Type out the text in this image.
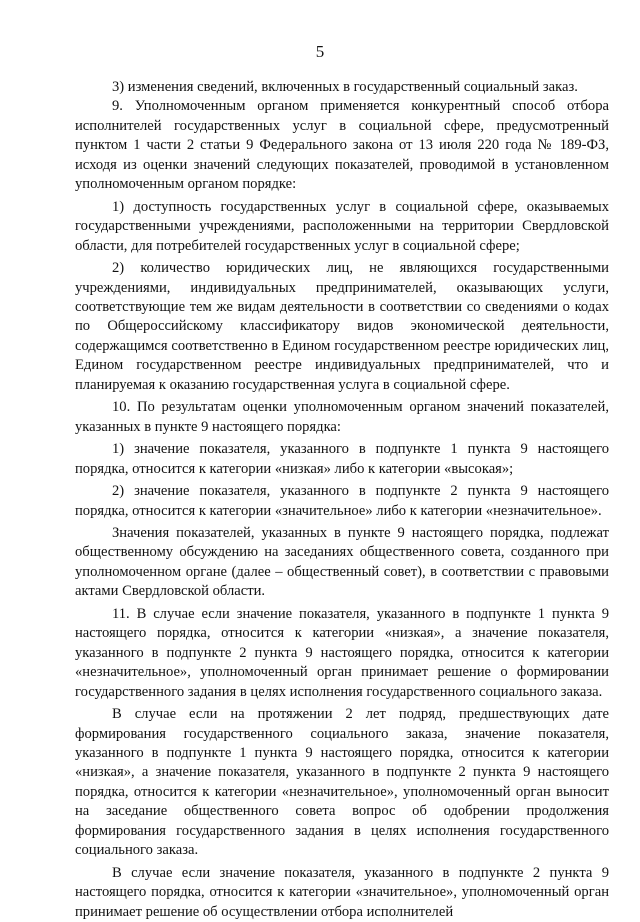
5

3) изменения сведений, включенных в государственный социальный заказ.

9. Уполномоченным органом применяется конкурентный способ отбора исполнителей государственных услуг в социальной сфере, предусмотренный пунктом 1 части 2 статьи 9 Федерального закона от 13 июля 220 года № 189-ФЗ, исходя из оценки значений следующих показателей, проводимой в установленном уполномоченным органом порядке:

1) доступность государственных услуг в социальной сфере, оказываемых государственными учреждениями, расположенными на территории Свердловской области, для потребителей государственных услуг в социальной сфере;

2) количество юридических лиц, не являющихся государственными учреждениями, индивидуальных предпринимателей, оказывающих услуги, соответствующие тем же видам деятельности в соответствии со сведениями о кодах по Общероссийскому классификатору видов экономической деятельности, содержащимся соответственно в Едином государственном реестре юридических лиц, Едином государственном реестре индивидуальных предпринимателей, что и планируемая к оказанию государственная услуга в социальной сфере.

10. По результатам оценки уполномоченным органом значений показателей, указанных в пункте 9 настоящего порядка:

1) значение показателя, указанного в подпункте 1 пункта 9 настоящего порядка, относится к категории «низкая» либо к категории «высокая»;

2) значение показателя, указанного в подпункте 2 пункта 9 настоящего порядка, относится к категории «значительное» либо к категории «незначительное».

Значения показателей, указанных в пункте 9 настоящего порядка, подлежат общественному обсуждению на заседаниях общественного совета, созданного при уполномоченном органе (далее – общественный совет), в соответствии с правовыми актами Свердловской области.

11. В случае если значение показателя, указанного в подпункте 1 пункта 9 настоящего порядка, относится к категории «низкая», а значение показателя, указанного в подпункте 2 пункта 9 настоящего порядка, относится к категории «незначительное», уполномоченный орган принимает решение о формировании государственного задания в целях исполнения государственного социального заказа.

В случае если на протяжении 2 лет подряд, предшествующих дате формирования государственного социального заказа, значение показателя, указанного в подпункте 1 пункта 9 настоящего порядка, относится к категории «низкая», а значение показателя, указанного в подпункте 2 пункта 9 настоящего порядка, относится к категории «незначительное», уполномоченный орган выносит на заседание общественного совета вопрос об одобрении продолжения формирования государственного задания в целях исполнения государственного социального заказа.

В случае если значение показателя, указанного в подпункте 2 пункта 9 настоящего порядка, относится к категории «значительное», уполномоченный орган принимает решение об осуществлении отбора исполнителей
